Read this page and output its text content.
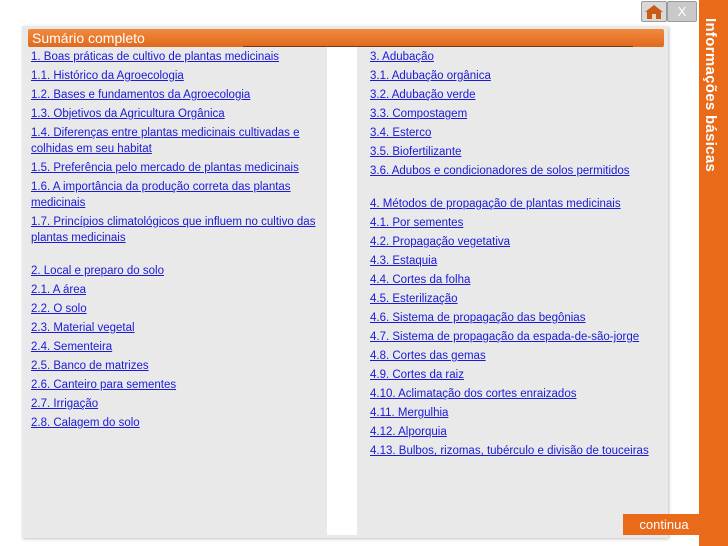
Sumário completo
1. Boas práticas de cultivo de plantas medicinais
1.1. Histórico da Agroecologia
1.2. Bases e fundamentos da Agroecologia
1.3. Objetivos da Agricultura Orgânica
1.4. Diferenças entre plantas medicinais cultivadas e colhidas em seu habitat
1.5. Preferência pelo mercado de plantas medicinais
1.6. A importância da produção correta das plantas medicinais
1.7. Princípios climatológicos que influem no cultivo das plantas medicinais
2. Local e preparo do solo
2.1. A área
2.2. O solo
2.3. Material vegetal
2.4. Sementeira
2.5. Banco de matrizes
2.6. Canteiro para sementes
2.7. Irrigação
2.8. Calagem do solo
3. Adubação
3.1. Adubação orgânica
3.2. Adubação verde
3.3. Compostagem
3.4. Esterco
3.5. Biofertilizante
3.6. Adubos e condicionadores de solos permitidos
4. Métodos de propagação de plantas medicinais
4.1. Por sementes
4.2. Propagação vegetativa
4.3. Estaquia
4.4. Cortes da folha
4.5. Esterilização
4.6. Sistema de propagação das begônias
4.7. Sistema de propagação da espada-de-são-jorge
4.8. Cortes das gemas
4.9. Cortes da raiz
4.10. Aclimatação dos cortes enraizados
4.11. Mergulhia
4.12. Alporquia
4.13. Bulbos, rizomas, tubérculo e divisão de touceiras
Informações básicas
X
continua
